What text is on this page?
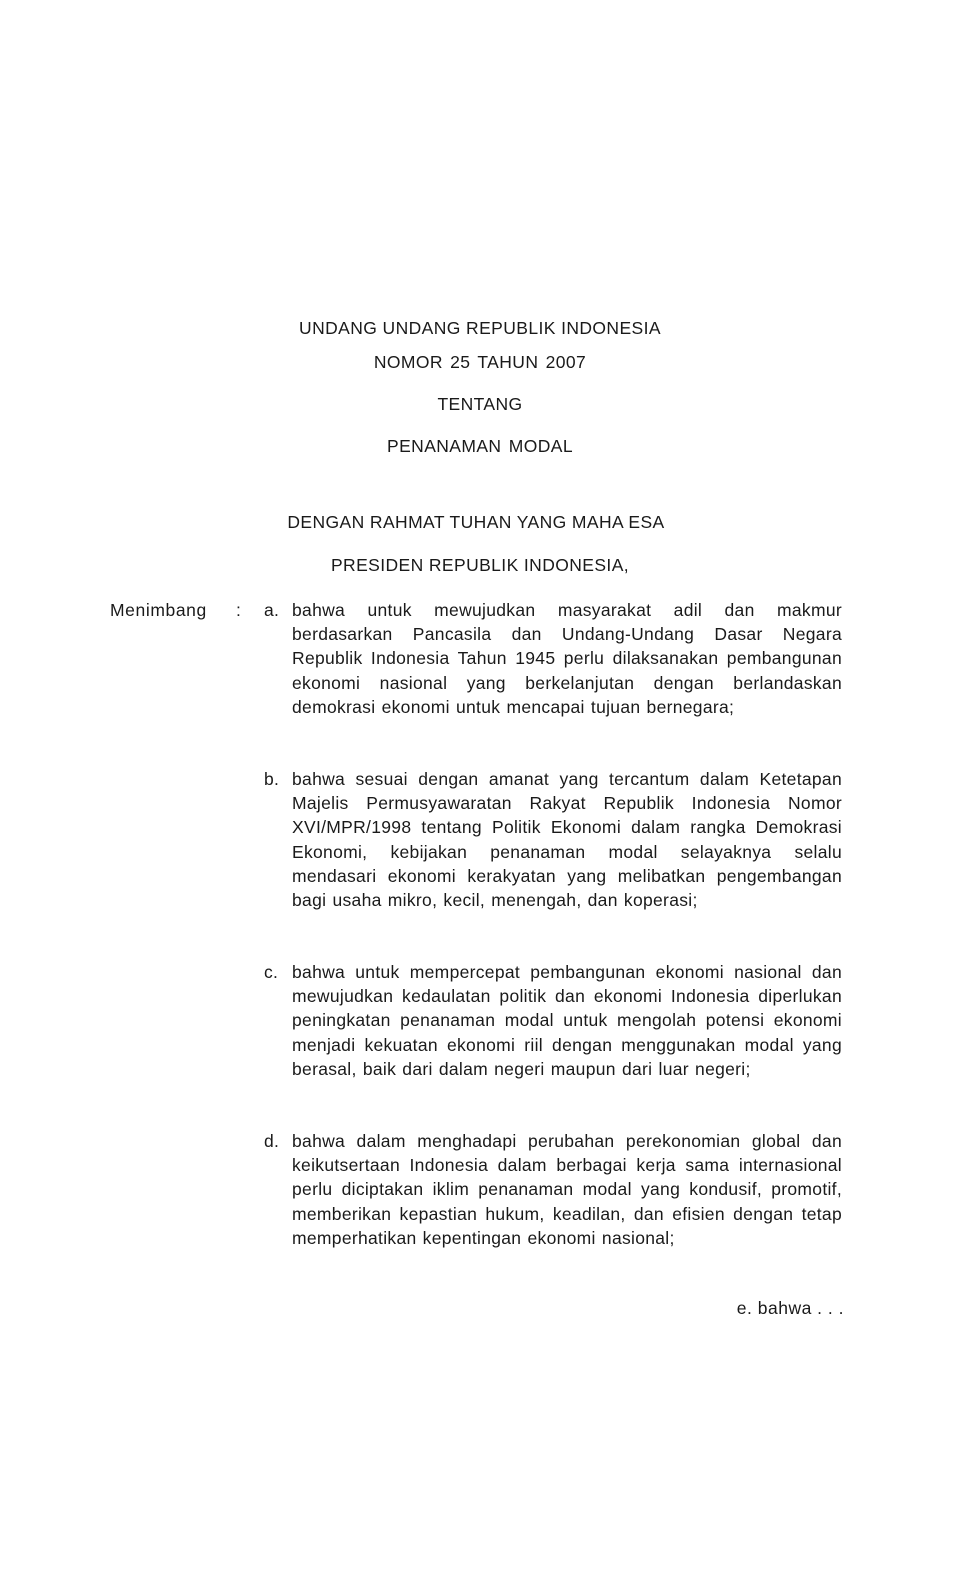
UNDANG UNDANG REPUBLIK INDONESIA
NOMOR 25 TAHUN 2007
TENTANG
PENANAMAN MODAL
DENGAN RAHMAT TUHAN YANG MAHA ESA
PRESIDEN REPUBLIK INDONESIA,
Menimbang : a. bahwa untuk mewujudkan masyarakat adil dan makmur berdasarkan Pancasila dan Undang-Undang Dasar Negara Republik Indonesia Tahun 1945 perlu dilaksanakan pembangunan ekonomi nasional yang berkelanjutan dengan berlandaskan demokrasi ekonomi untuk mencapai tujuan bernegara;
b. bahwa sesuai dengan amanat yang tercantum dalam Ketetapan Majelis Permusyawaratan Rakyat Republik Indonesia Nomor XVI/MPR/1998 tentang Politik Ekonomi dalam rangka Demokrasi Ekonomi, kebijakan penanaman modal selayaknya selalu mendasari ekonomi kerakyatan yang melibatkan pengembangan bagi usaha mikro, kecil, menengah, dan koperasi;
c. bahwa untuk mempercepat pembangunan ekonomi nasional dan mewujudkan kedaulatan politik dan ekonomi Indonesia diperlukan peningkatan penanaman modal untuk mengolah potensi ekonomi menjadi kekuatan ekonomi riil dengan menggunakan modal yang berasal, baik dari dalam negeri maupun dari luar negeri;
d. bahwa dalam menghadapi perubahan perekonomian global dan keikutsertaan Indonesia dalam berbagai kerja sama internasional perlu diciptakan iklim penanaman modal yang kondusif, promotif, memberikan kepastian hukum, keadilan, dan efisien dengan tetap memperhatikan kepentingan ekonomi nasional;
e. bahwa . . .
